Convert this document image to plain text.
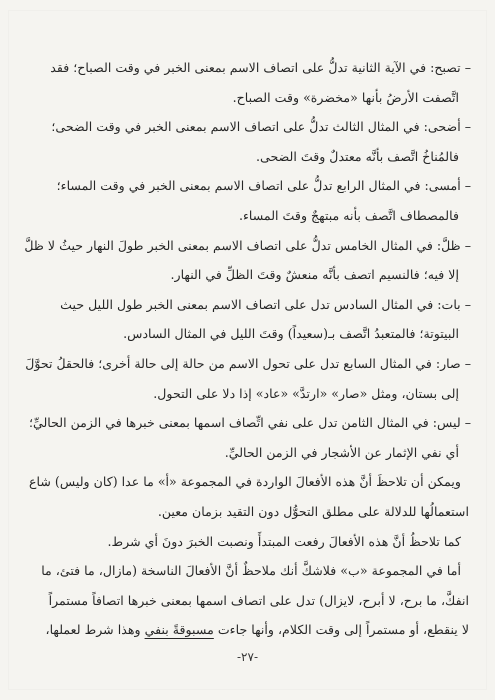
– تصبح: في الآية الثانية تدلُّ على اتصاف الاسم بمعنى الخبر في وقت الصباح؛ فقد
اتَّصفت الأرضُ بأنها «مخضرة» وقت الصباح.
– أضحى: في المثال الثالث تدلُّ على اتصاف الاسم بمعنى الخبر في وقت الضحى؛
فالمُناخُ اتَّصف بأنَّه معتدلٌ وقتَ الضحى.
– أمسى: في المثال الرابع تدلُّ على اتصاف الاسم بمعنى الخبر في وقت المساء؛
فالمصطاف اتَّصف بأنه مبتهجٌ وقتَ المساء.
– ظلَّ: في المثال الخامس تدلُّ على اتصاف الاسم بمعنى الخبر طولَ النهار حيثُ لا ظلَّ
إلا فيه؛ فالنسيم اتصف بأنَّه منعشٌ وقتَ الظلِّ في النهار.
– بات: في المثال السادس تدل على اتصاف الاسم بمعنى الخبر طول الليل حيث
البيتوتة؛ فالمتعبدُ اتَّصف بـ(سعيداً) وقتَ الليل في المثال السادس.
– صار: في المثال السابع تدل على تحول الاسم من حالة إلى حالة أخرى؛ فالحقلُ تحوَّلَ
إلى بستان، ومثل «صار» «ارتدَّ» «عاد» إذا دلا على التحول.
– ليس: في المثال الثامن تدل على نفي اتِّصاف اسمها بمعنى خبرها في الزمن الحاليِّ؛
أي نفي الإثمار عن الأشجار في الزمن الحاليِّ.
ويمكن أن تلاحظَ أنَّ هذه الأفعالَ الواردة في المجموعة «أ» ما عدا (كان وليس) شاع
استعمالُها للدلالة على مطلق التحوُّل دون التقيد بزمان معين.
كما تلاحظُ أنَّ هذه الأفعالَ رفعت المبتدأَ ونصبت الخبرَ دونَ أي شرط.
أما في المجموعة «ب» فلاشكَّ أنك ملاحظٌ أنَّ الأفعالَ الناسخة (مازال، ما فتئ، ما
انفكَّ، ما برح، لا أبرح، لايزال) تدل على اتصاف اسمها بمعنى خبرها اتصافاً مستمراً
لا ينقطع، أو مستمراً إلى وقت الكلام، وأنها جاءت مسبوقةً بنفي وهذا شرط لعملها،
-٢٧-
